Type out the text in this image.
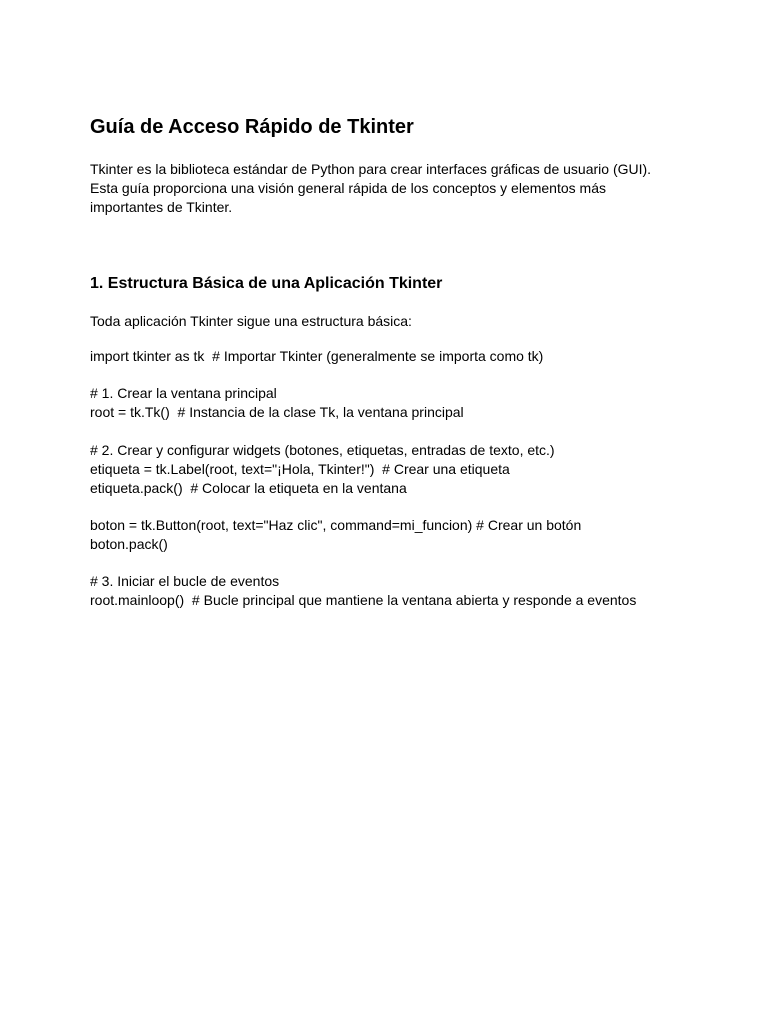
Guía de Acceso Rápido de Tkinter

Tkinter es la biblioteca estándar de Python para crear interfaces gráficas de usuario (GUI). Esta guía proporciona una visión general rápida de los conceptos y elementos más importantes de Tkinter.

1. Estructura Básica de una Aplicación Tkinter

Toda aplicación Tkinter sigue una estructura básica:

import tkinter as tk  # Importar Tkinter (generalmente se importa como tk)

# 1. Crear la ventana principal

root = tk.Tk()  # Instancia de la clase Tk, la ventana principal

# 2. Crear y configurar widgets (botones, etiquetas, entradas de texto, etc.)

etiqueta = tk.Label(root, text="¡Hola, Tkinter!")  # Crear una etiqueta

etiqueta.pack()  # Colocar la etiqueta en la ventana

boton = tk.Button(root, text="Haz clic", command=mi_funcion) # Crear un botón

boton.pack()

# 3. Iniciar el bucle de eventos

root.mainloop()  # Bucle principal que mantiene la ventana abierta y responde a eventos
